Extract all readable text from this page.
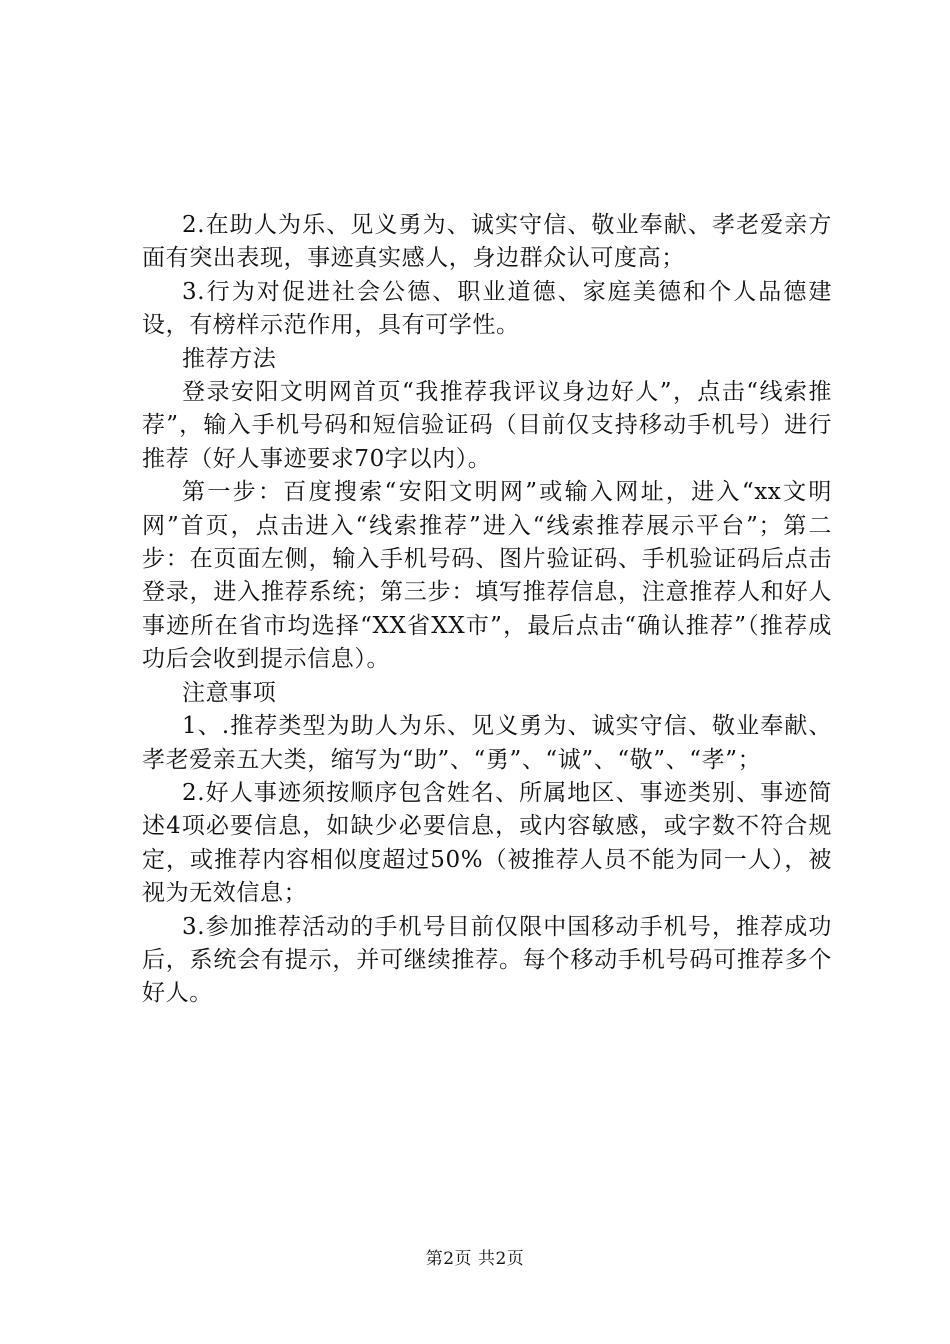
2.在助人为乐、见义勇为、诚实守信、敬业奉献、孝老爱亲方面有突出表现，事迹真实感人，身边群众认可度高；

3.行为对促进社会公德、职业道德、家庭美德和个人品德建设，有榜样示范作用，具有可学性。

推荐方法

登录安阳文明网首页“我推荐我评议身边好人”，点击“线索推荐”，输入手机号码和短信验证码（目前仅支持移动手机号）进行推荐（好人事迹要求70字以内）。

第一步：百度搜索“安阳文明网”或输入网址，进入“xx文明网”首页，点击进入“线索推荐”进入“线索推荐展示平台”；第二步：在页面左侧，输入手机号码、图片验证码、手机验证码后点击登录，进入推荐系统；第三步：填写推荐信息，注意推荐人和好人事迹所在省市均选择“XX省XX市”，最后点击“确认推荐”（推荐成功后会收到提示信息）。

注意事项

1、.推荐类型为助人为乐、见义勇为、诚实守信、敬业奉献、孝老爱亲五大类，缩写为“助”、“勇”、“诚”、“敬”、“孝”；

2.好人事迹须按顺序包含姓名、所属地区、事迹类别、事迹简述4项必要信息，如缺少必要信息，或内容敏感，或字数不符合规定，或推荐内容相似度超过50%（被推荐人员不能为同一人），被视为无效信息；

3.参加推荐活动的手机号目前仅限中国移动手机号，推荐成功后，系统会有提示，并可继续推荐。每个移动手机号码可推荐多个好人。

第2页 共2页
